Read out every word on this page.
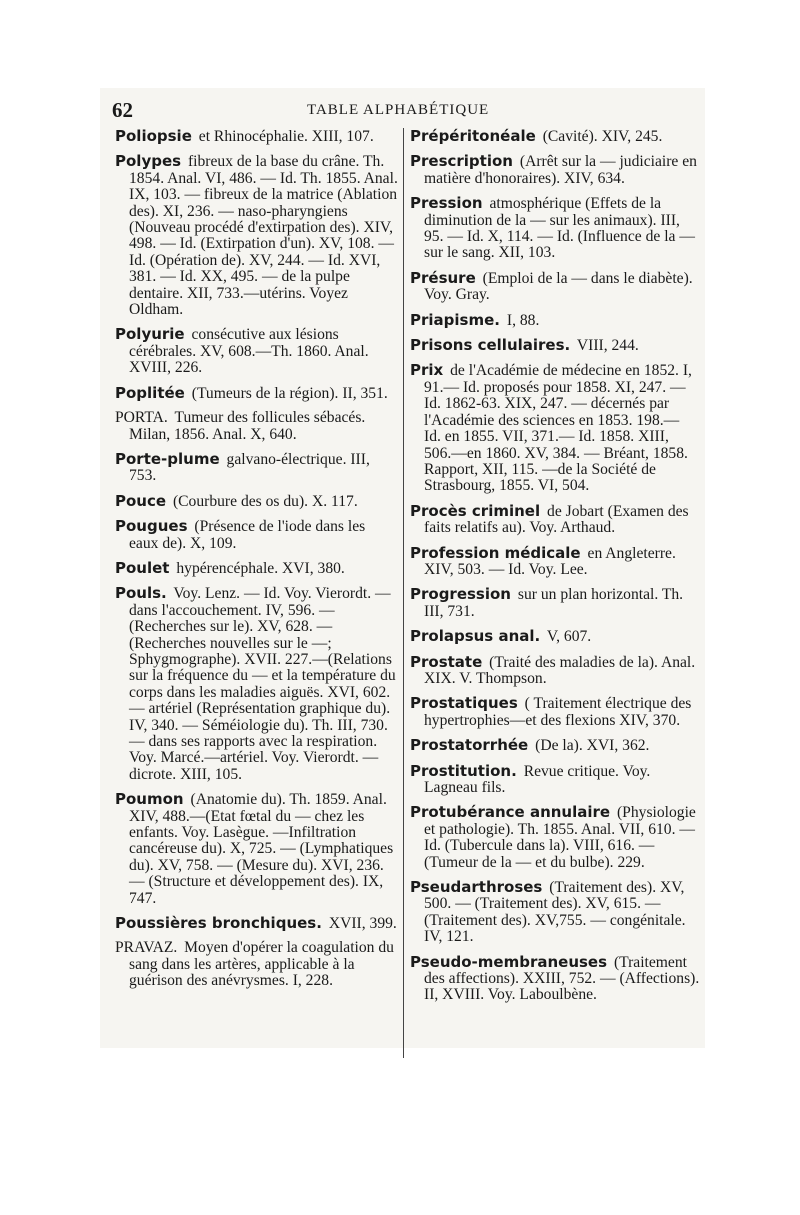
62	TABLE ALPHABÉTIQUE

Poliopsie et Rhinocéphalie. XIII, 107.

Polypes fibreux de la base du crâne. Th. 1854. Anal. VI, 486. — Id. Th. 1855. Anal. IX, 103. — fibreux de la matrice (Ablation des). XI, 236. — naso-pharyngiens (Nouveau procédé d'extirpation des). XIV, 498. — Id. (Extirpation d'un). XV, 108. — Id. (Opération de). XV, 244. — Id. XVI, 381. — Id. XX, 495. — de la pulpe dentaire. XII, 733.—utérins. Voyez Oldham.

Polyurie consécutive aux lésions cérébrales. XV, 608.—Th. 1860. Anal. XVIII, 226.

Poplitée (Tumeurs de la région). II, 351.

PORTA. Tumeur des follicules sébacés. Milan, 1856. Anal. X, 640.

Porte-plume galvano-électrique. III, 753.

Pouce (Courbure des os du). X. 117.

Pougues (Présence de l'iode dans les eaux de). X, 109.

Poulet hypérencéphale. XVI, 380.

Pouls. Voy. Lenz. — Id. Voy. Vierordt. — dans l'accouchement. IV, 596. —(Recherches sur le). XV, 628. — (Recherches nouvelles sur le —; Sphygmographe). XVII. 227.—(Relations sur la fréquence du — et la température du corps dans les maladies aiguës. XVI, 602. — artériel (Représentation graphique du). IV, 340. — Séméiologie du). Th. III, 730. — dans ses rapports avec la respiration. Voy. Marcé.—artériel. Voy. Vierordt. — dicrote. XIII, 105.

Poumon (Anatomie du). Th. 1859. Anal. XIV, 488.—(Etat fœtal du — chez les enfants. Voy. Lasègue. —Infiltration cancéreuse du). X, 725. — (Lymphatiques du). XV, 758. — (Mesure du). XVI, 236. — (Structure et développement des). IX, 747.

Poussières bronchiques. XVII, 399.

PRAVAZ. Moyen d'opérer la coagulation du sang dans les artères, applicable à la guérison des anévrysmes. I, 228.

Prépéritonéale (Cavité). XIV, 245.

Prescription (Arrêt sur la — judiciaire en matière d'honoraires). XIV, 634.

Pression atmosphérique (Effets de la diminution de la — sur les animaux). III, 95. — Id. X, 114. — Id. (Influence de la — sur le sang. XII, 103.

Présure (Emploi de la — dans le diabète). Voy. Gray.

Priapisme. I, 88.

Prisons cellulaires. VIII, 244.

Prix de l'Académie de médecine en 1852. I, 91.— Id. proposés pour 1858. XI, 247. — Id. 1862-63. XIX, 247. — décernés par l'Académie des sciences en 1853. 198.— Id. en 1855. VII, 371.— Id. 1858. XIII, 506.—en 1860. XV, 384. — Bréant, 1858. Rapport, XII, 115. —de la Société de Strasbourg, 1855. VI, 504.

Procès criminel de Jobart (Examen des faits relatifs au). Voy. Arthaud.

Profession médicale en Angleterre. XIV, 503. — Id. Voy. Lee.

Progression sur un plan horizontal. Th. III, 731.

Prolapsus anal. V, 607.

Prostate (Traité des maladies de la). Anal. XIX. V. Thompson.

Prostatiques ( Traitement électrique des hypertrophies—et des flexions XIV, 370.

Prostatorrhée (De la). XVI, 362.

Prostitution. Revue critique. Voy. Lagneau fils.

Protubérance annulaire (Physiologie et pathologie). Th. 1855. Anal. VII, 610. — Id. (Tubercule dans la). VIII, 616. — (Tumeur de la — et du bulbe). 229.

Pseudarthroses (Traitement des). XV, 500. — (Traitement des). XV, 615. — (Traitement des). XV,755. — congénitale. IV, 121.

Pseudo-membraneuses (Traitement des affections). XXIII, 752. — (Affections). II, XVIII. Voy. Laboulbène.
